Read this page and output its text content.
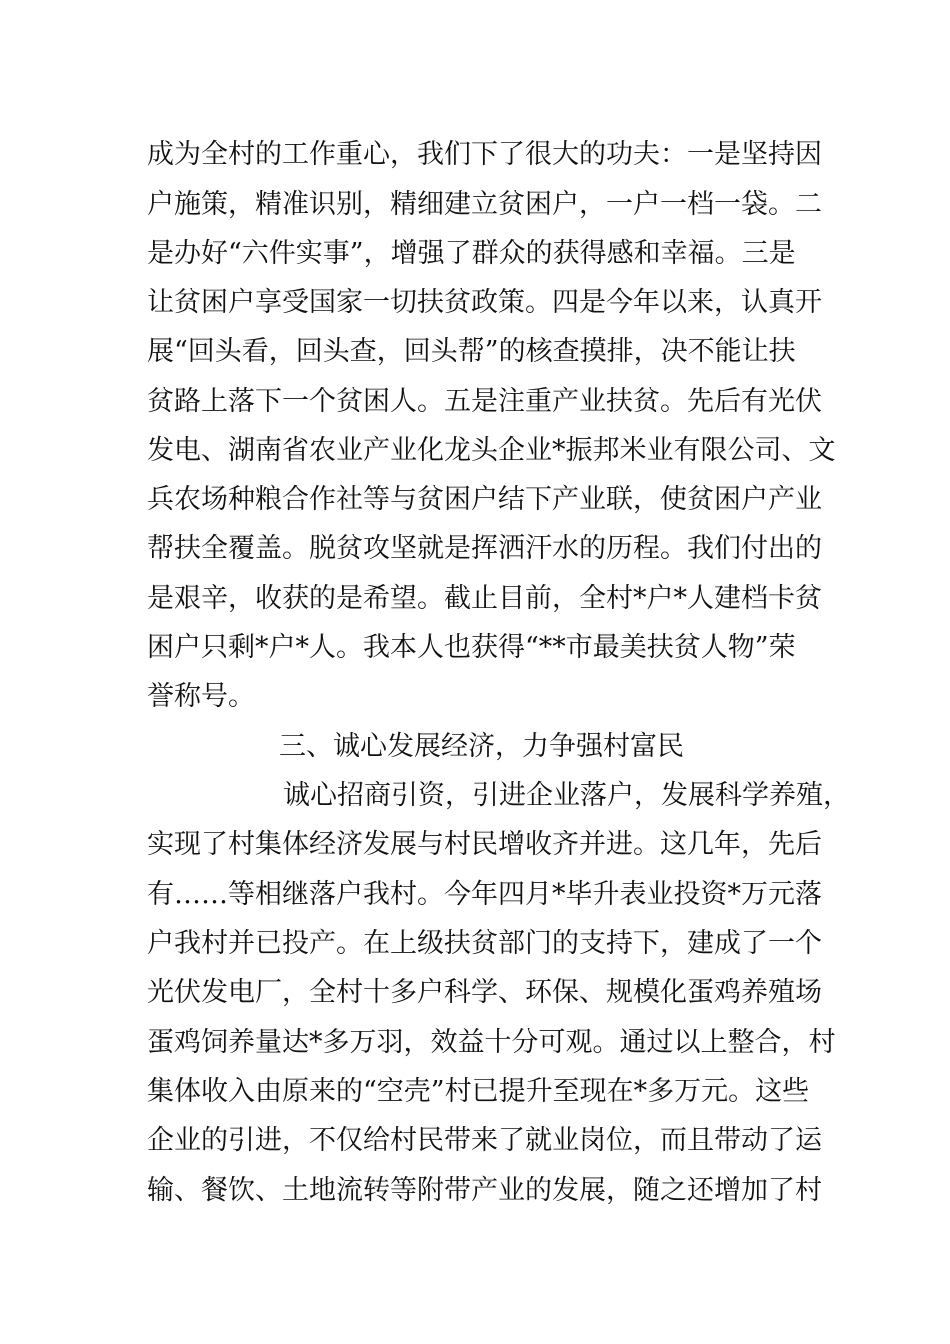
成为全村的工作重心，我们下了很大的功夫：一是坚持因
户施策，精准识别，精细建立贫困户，一户一档一袋。二
是办好“六件实事”，增强了群众的获得感和幸福。三是
让贫困户享受国家一切扶贫政策。四是今年以来，认真开
展“回头看，回头查，回头帮”的核查摸排，决不能让扶
贫路上落下一个贫困人。五是注重产业扶贫。先后有光伏
发电、湖南省农业产业化龙头企业*振邦米业有限公司、文
兵农场种粮合作社等与贫困户结下产业联，使贫困户产业
帮扶全覆盖。脱贫攻坚就是挥洒汗水的历程。我们付出的
是艰辛，收获的是希望。截止目前，全村*户*人建档卡贫
困户只剩*户*人。我本人也获得“**市最美扶贫人物”荣
誉称号。
三、诚心发展经济，力争强村富民
诚心招商引资，引进企业落户，发展科学养殖，
实现了村集体经济发展与村民增收齐并进。这几年，先后
有……等相继落户我村。今年四月*毕升表业投资*万元落
户我村并已投产。在上级扶贫部门的支持下，建成了一个
光伏发电厂，全村十多户科学、环保、规模化蛋鸡养殖场
蛋鸡饲养量达*多万羽，效益十分可观。通过以上整合，村
集体收入由原来的“空壳”村已提升至现在*多万元。这些
企业的引进，不仅给村民带来了就业岗位，而且带动了运
输、餐饮、土地流转等附带产业的发展，随之还增加了村
